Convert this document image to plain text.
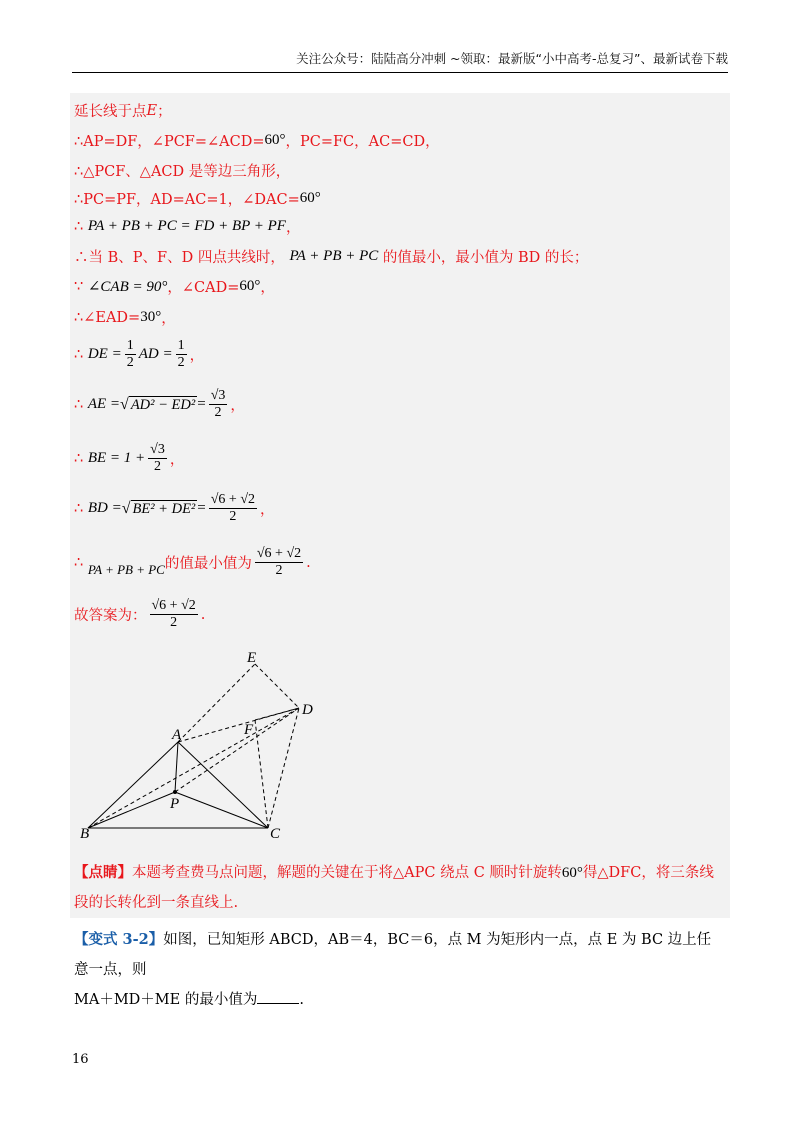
关注公众号：陆陆高分冲刺 ~领取：最新版“小中高考-总复习”、最新试卷下载
延长线于点 E ；
∴AP=DF，∠PCF=∠ACD= 60° ，PC=FC，AC=CD，
∴△PCF、△ACD 是等边三角形，
∴PC=PF，AD=AC=1，∠DAC= 60°
∴
PA + PB + PC = FD + BP + PF ，
∴当 B、P、F、D 四点共线时，
PA + PB + PC
的值最小，最小值为 BD 的长；
∵
∠CAB = 90° ，∠CAD= 60° ，
∴∠EAD= 30° ，
∴
DE = $\frac{1}{2}$ AD = $\frac{1}{2}$ ，
∴
AE = √ $AD^2 - ED^2 = \frac{√3}{2}$ ，
∴
BE = $1 + \frac{√3}{2}$ ，
∴
BD = √ $BE^2 + DE^2 = \frac{√6 + √2}{2}$ ，
∴
PA + PB + PC 的值最小值为 $\frac{√6 + √2}{2}$ .
故答案为： $\frac{√6 + √2}{2}$ .
E
D
A	F
P
B	C
【点睛】本题考查费马点问题，解题的关键在于将△APC 绕点 C 顺时针旋转60°得△DFC，将三条线段的长转化到一条直线上.
【变式 3-2】如图，已知矩形 ABCD，AB＝4，BC＝6，点 M 为矩形内一点，点 E 为 BC 边上任意一点，则
MA＋MD＋ME 的最小值为	.
16
